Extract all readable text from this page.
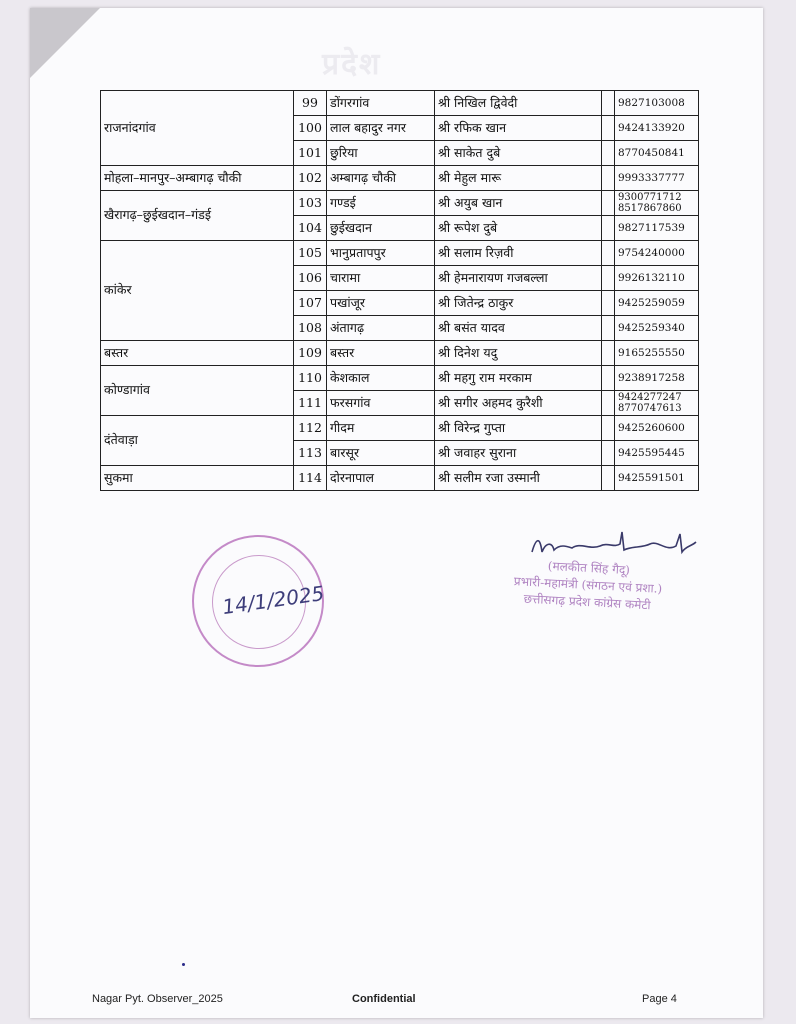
प्रदेश
राजनांदगांव	99	डोंगरगांव	श्री निखिल द्विवेदी		9827103008

	100	लाल बहादुर नगर	श्री रफिक खान		9424133920

	101	छुरिया	श्री साकेत दुबे		8770450841

मोहला–मानपुर–अम्बागढ़ चौकी	102	अम्बागढ़ चौकी	श्री मेहुल मारू		9993337777

खैरागढ़–छुईखदान–गंडई	103	गण्डई	श्री अयुब खान		9300771712
8517867860

	104	छुईखदान	श्री रूपेश दुबे		9827117539

कांकेर	105	भानुप्रतापपुर	श्री सलाम रिज़वी		9754240000

	106	चारामा	श्री हेमनारायण गजबल्ला		9926132110

	107	पखांजूर	श्री जितेन्द्र ठाकुर		9425259059

	108	अंतागढ़	श्री बसंत यादव		9425259340

बस्तर	109	बस्तर	श्री दिनेश यदु		9165255550

कोण्डागांव	110	केशकाल	श्री महगु राम मरकाम		9238917258

	111	फरसगांव	श्री सगीर अहमद कुरैशी		9424277247
8770747613

दंतेवाड़ा	112	गीदम	श्री विरेन्द्र गुप्ता		9425260600

	113	बारसूर	श्री जवाहर सुराना		9425595445

सुकमा	114	दोरनापाल	श्री सलीम रजा उस्मानी		9425591501
14/1/2025
(मलकीत सिंह गैदू)
प्रभारी-महामंत्री (संगठन एवं प्रशा.)
छत्तीसगढ़ प्रदेश कांग्रेस कमेटी
Nagar Pyt. Observer_2025	Confidential	Page 4
